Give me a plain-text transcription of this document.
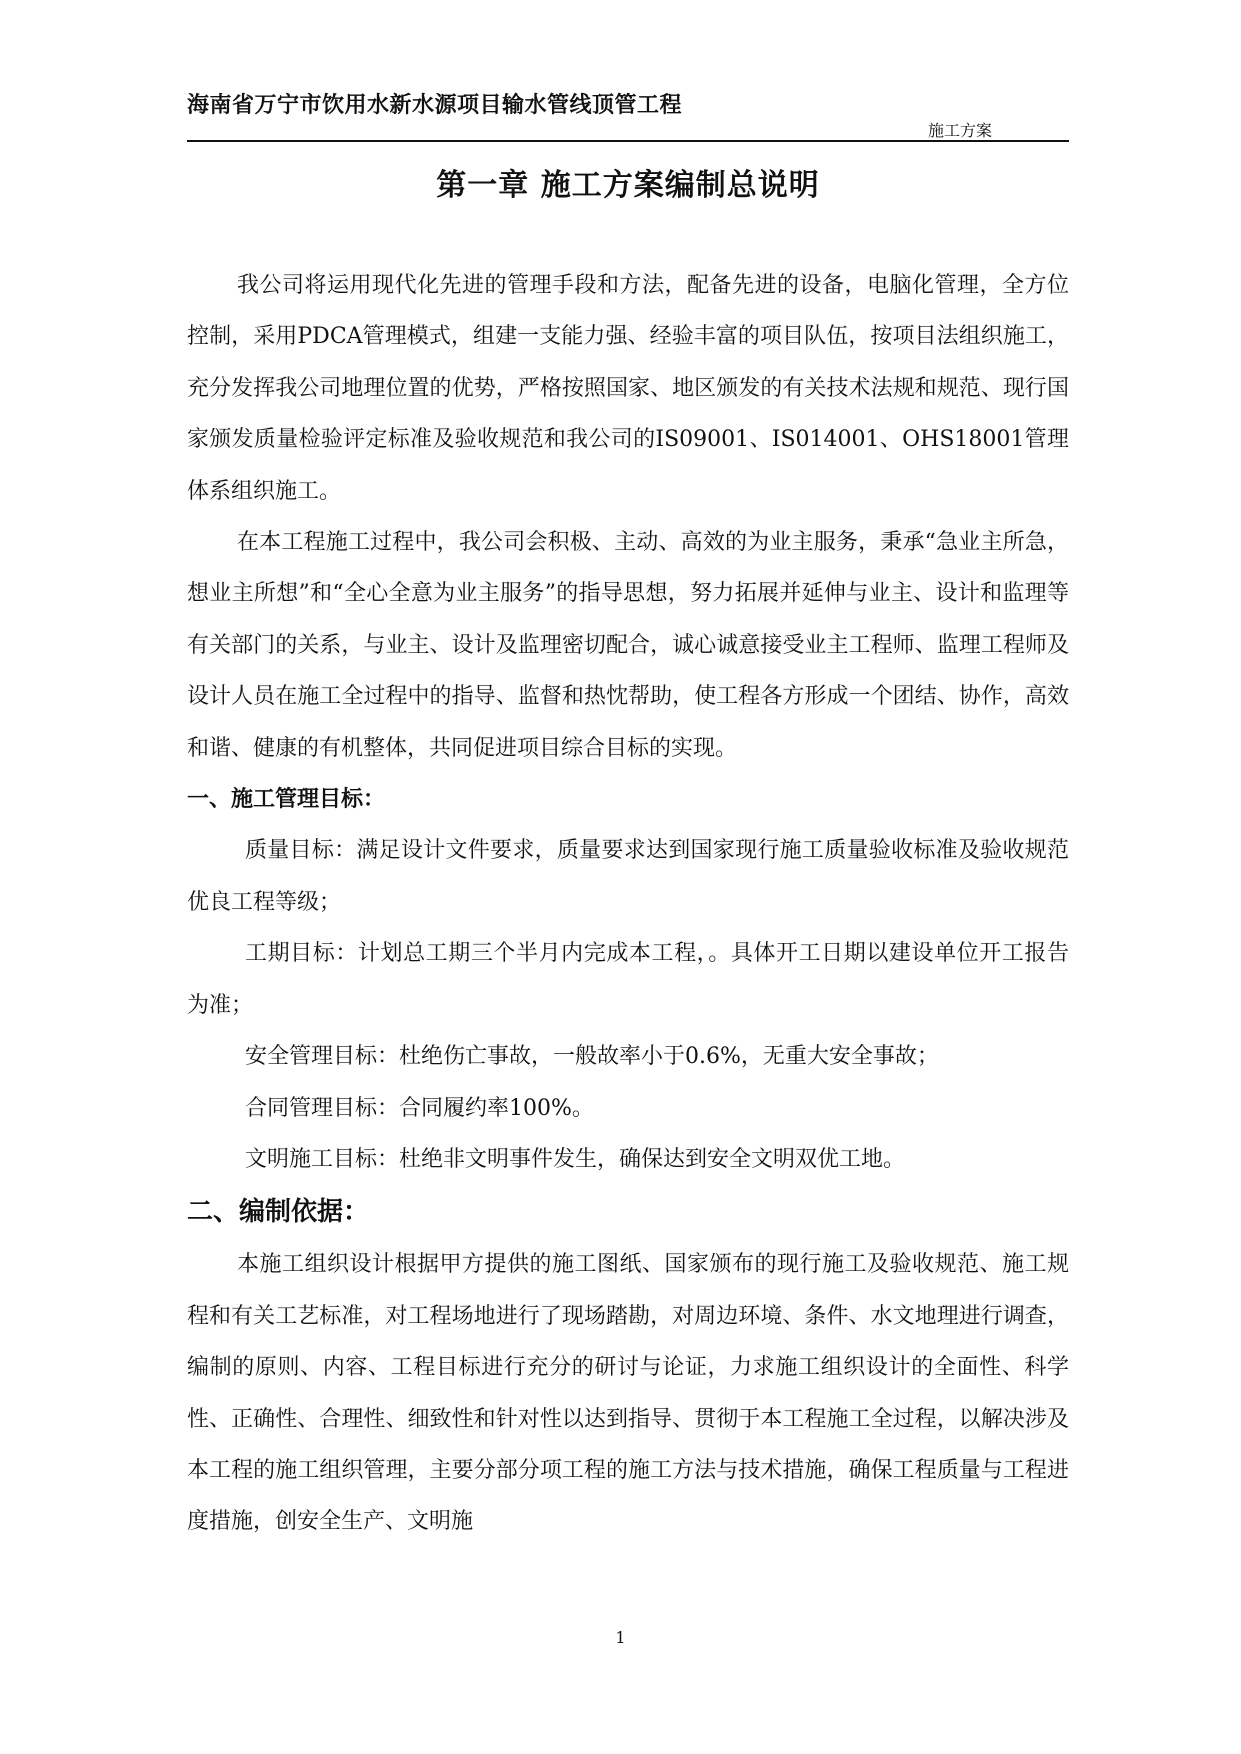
海南省万宁市饮用水新水源项目输水管线顶管工程
施工方案
第一章 施工方案编制总说明

我公司将运用现代化先进的管理手段和方法，配备先进的设备，电脑化管理，全方位控制，采用PDCA管理模式，组建一支能力强、经验丰富的项目队伍，按项目法组织施工，充分发挥我公司地理位置的优势，严格按照国家、地区颁发的有关技术法规和规范、现行国家颁发质量检验评定标准及验收规范和我公司的IS09001、IS014001、OHS18001管理体系组织施工。

在本工程施工过程中，我公司会积极、主动、高效的为业主服务，秉承“急业主所急，想业主所想”和“全心全意为业主服务”的指导思想，努力拓展并延伸与业主、设计和监理等有关部门的关系，与业主、设计及监理密切配合，诚心诚意接受业主工程师、监理工程师及设计人员在施工全过程中的指导、监督和热忱帮助，使工程各方形成一个团结、协作，高效和谐、健康的有机整体，共同促进项目综合目标的实现。

一、施工管理目标：

质量目标：满足设计文件要求，质量要求达到国家现行施工质量验收标准及验收规范优良工程等级；

工期目标：计划总工期三个半月内完成本工程，。具体开工日期以建设单位开工报告为准；

安全管理目标：杜绝伤亡事故，一般故率小于0.6%，无重大安全事故；

合同管理目标：合同履约率100%。

文明施工目标：杜绝非文明事件发生，确保达到安全文明双优工地。

二、编制依据：

本施工组织设计根据甲方提供的施工图纸、国家颁布的现行施工及验收规范、施工规程和有关工艺标准，对工程场地进行了现场踏勘，对周边环境、条件、水文地理进行调查，编制的原则、内容、工程目标进行充分的研讨与论证，力求施工组织设计的全面性、科学性、正确性、合理性、细致性和针对性以达到指导、贯彻于本工程施工全过程，以解决涉及本工程的施工组织管理，主要分部分项工程的施工方法与技术措施，确保工程质量与工程进度措施，创安全生产、文明施

1
